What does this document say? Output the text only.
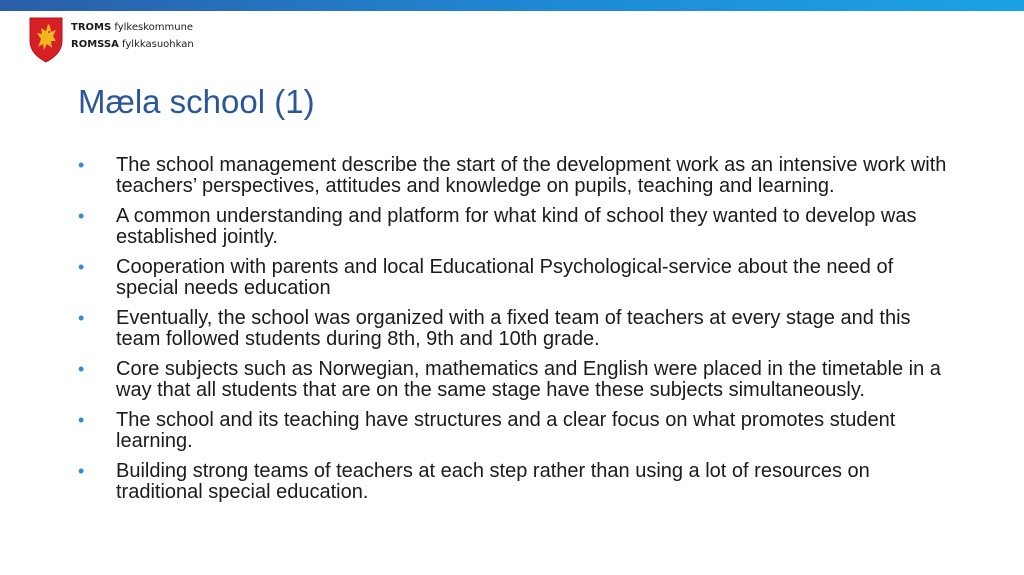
TROMS fylkeskommune
ROMSSA fylkkasuohkan
Mæla school (1)
• The school management describe the start of the development work as an intensive work with teachers’ perspectives, attitudes and knowledge on pupils, teaching and learning.
• A common understanding and platform for what kind of school they wanted to develop was established jointly.
• Cooperation with parents and local Educational Psychological-service about the need of special needs education
• Eventually, the school was organized with a fixed team of teachers at every stage and this team followed students during 8th, 9th and 10th grade.
• Core subjects such as Norwegian, mathematics and English were placed in the timetable in a way that all students that are on the same stage have these subjects simultaneously.
• The school and its teaching have structures and a clear focus on what promotes student learning.
• Building strong teams of teachers at each step rather than using a lot of resources on traditional special education.
